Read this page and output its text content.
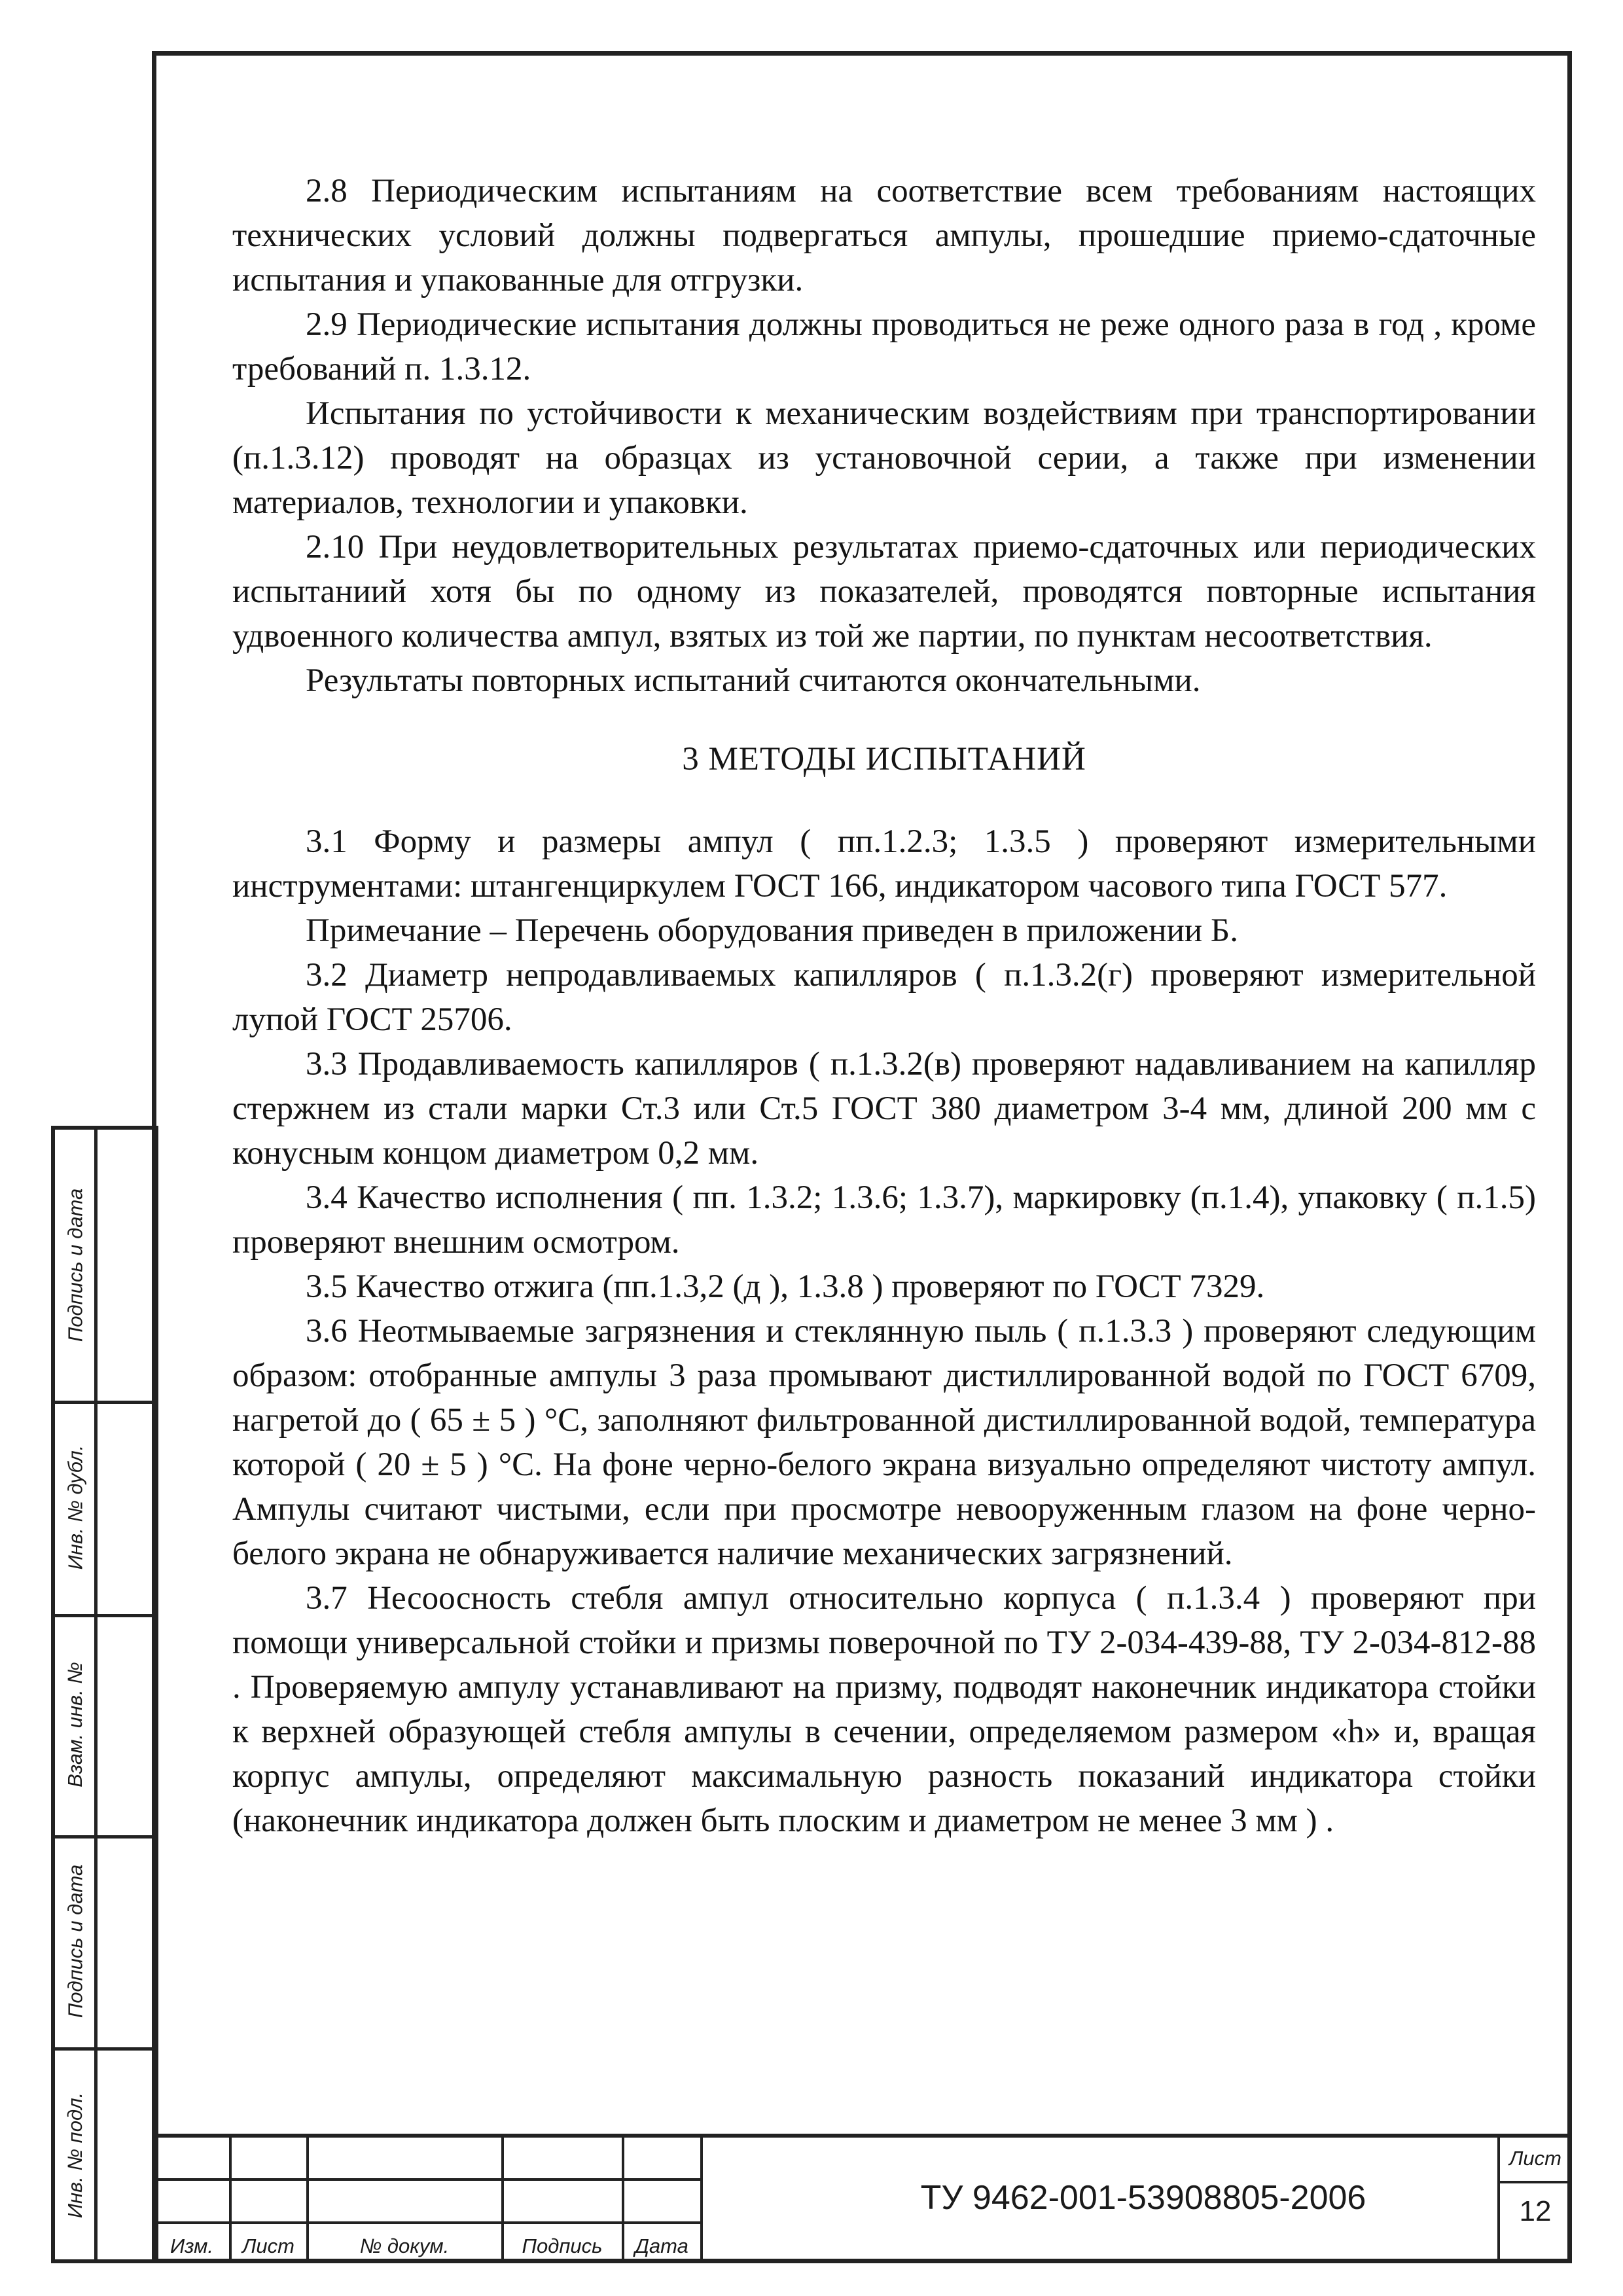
2.8 Периодическим испытаниям на соответствие всем требованиям настоящих технических условий должны подвергаться ампулы, прошедшие приемо-сдаточные испытания и упакованные для отгрузки.

2.9 Периодические испытания должны проводиться не реже одного раза в год , кроме требований п. 1.3.12.

Испытания по устойчивости к механическим воздействиям при транспортировании (п.1.3.12) проводят на образцах из установочной серии, а также при изменении материалов, технологии и упаковки.

2.10 При неудовлетворительных результатах приемо-сдаточных или периодических испытаниий хотя бы по одному из показателей, проводятся повторные испытания удвоенного количества ампул, взятых из той же партии, по пунктам несоответствия.

Результаты повторных испытаний считаются окончательными.

3 МЕТОДЫ ИСПЫТАНИЙ

3.1 Форму и размеры ампул ( пп.1.2.3; 1.3.5 ) проверяют измерительными инструментами: штангенциркулем ГОСТ 166, индикатором часового типа ГОСТ 577.

Примечание – Перечень оборудования приведен в приложении Б.

3.2 Диаметр непродавливаемых капилляров ( п.1.3.2(г) проверяют измерительной лупой ГОСТ 25706.

3.3 Продавливаемость капилляров ( п.1.3.2(в) проверяют надавливанием на капилляр стержнем из стали марки Ст.3 или Ст.5 ГОСТ 380 диаметром 3-4 мм, длиной 200 мм с конусным концом диаметром 0,2 мм.

3.4 Качество исполнения ( пп. 1.3.2; 1.3.6; 1.3.7), маркировку (п.1.4), упаковку ( п.1.5) проверяют внешним осмотром.

3.5 Качество отжига (пп.1.3,2 (д ), 1.3.8 ) проверяют по ГОСТ 7329.

3.6 Неотмываемые загрязнения и стеклянную пыль ( п.1.3.3 ) проверяют следующим образом: отобранные ампулы 3 раза промывают дистиллированной водой по ГОСТ 6709, нагретой до ( 65 ± 5 ) °С, заполняют фильтрованной дистиллированной водой, температура которой ( 20 ± 5 ) °С. На фоне черно-белого экрана визуально определяют чистоту ампул. Ампулы считают чистыми, если при просмотре невооруженным глазом на фоне черно-белого экрана не обнаруживается наличие механических загрязнений.

3.7 Несоосность стебля ампул относительно корпуса ( п.1.3.4 ) проверяют при помощи универсальной стойки и призмы поверочной по ТУ 2-034-439-88, ТУ 2-034-812-88 . Проверяемую ампулу устанавливают на призму, подводят наконечник индикатора стойки к верхней образующей стебля ампулы в сечении, определяемом размером «h» и, вращая корпус ампулы, определяют максимальную разность показаний индикатора стойки (наконечник индикатора должен быть плоским и диаметром не менее 3 мм ) .

Подпись и дата
Инв. № дубл.
Взам. инв. №
Подпись и дата
Инв. № подл.
Изм.	Лист	№ докум.	Подпись	Дата
ТУ 9462-001-53908805-2006
Лист
12
